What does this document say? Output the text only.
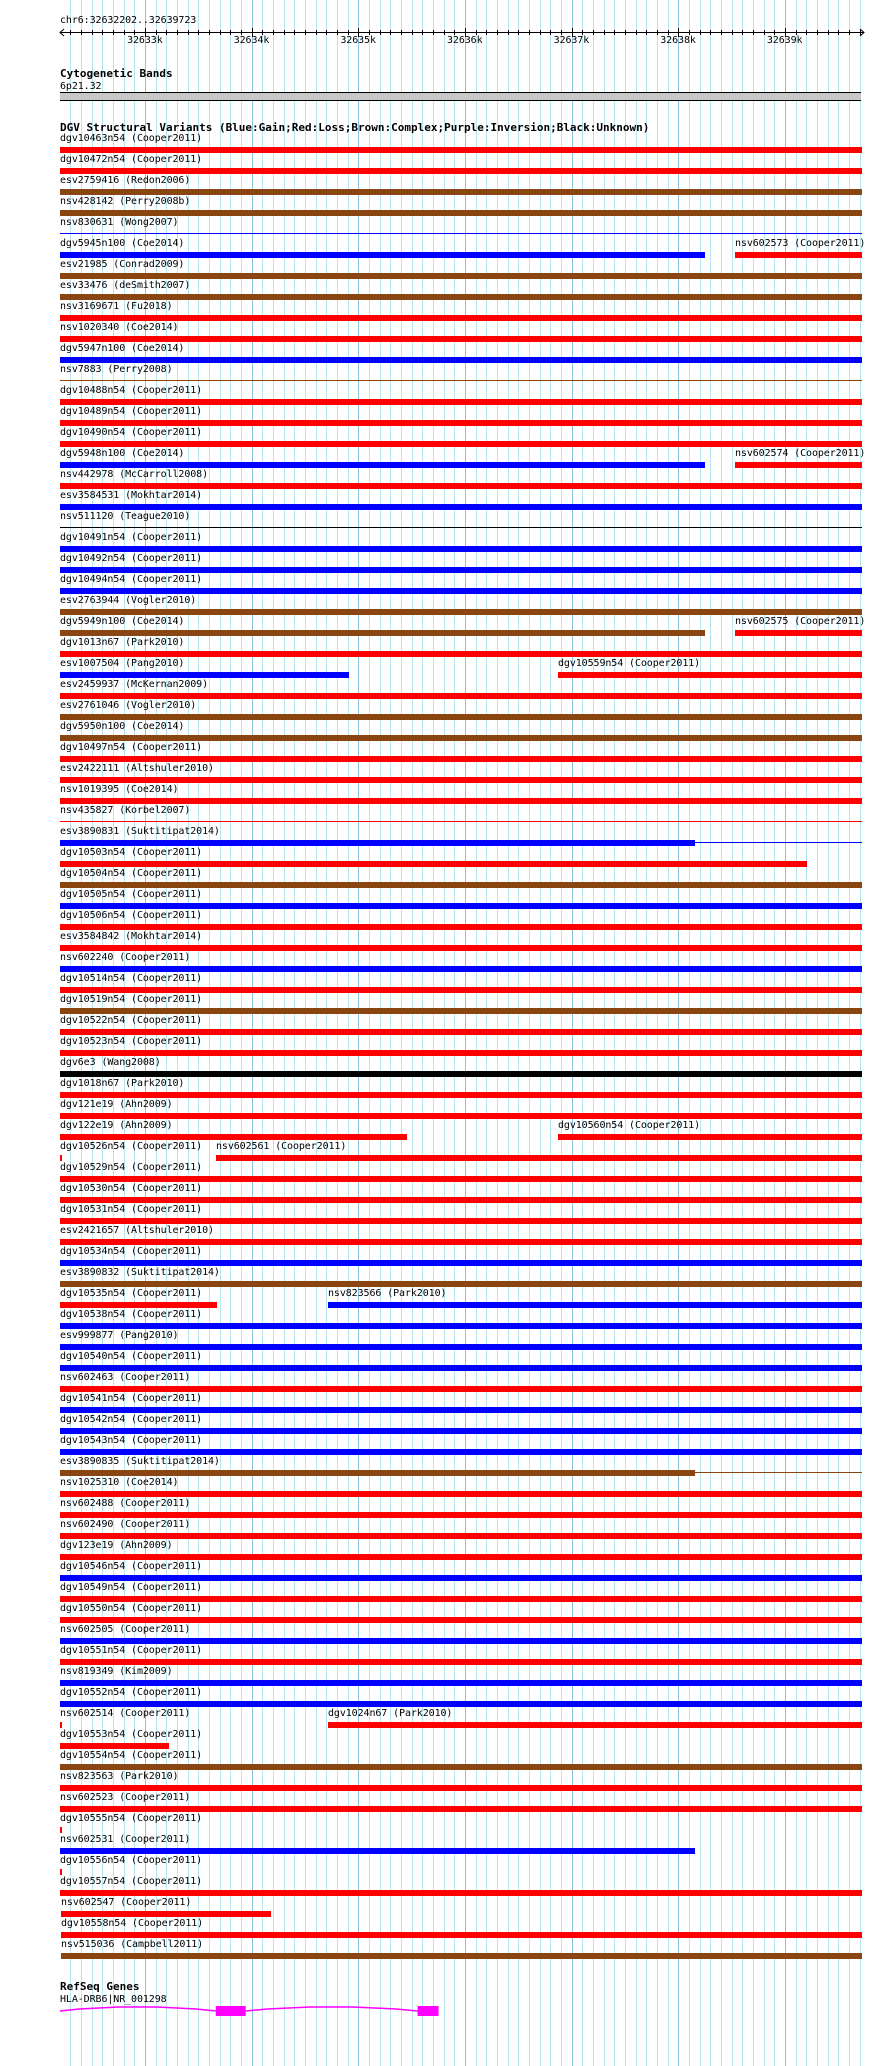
chr6:32632202..32639723
32633k	32634k	32635k	32636k	32637k	32638k	32639k
Cytogenetic Bands
6p21.32
DGV Structural Variants (Blue:Gain;Red:Loss;Brown:Complex;Purple:Inversion;Black:Unknown)
dgv10463n54 (Cooper2011)
dgv10472n54 (Cooper2011)
esv2759416 (Redon2006)
nsv428142 (Perry2008b)
nsv830631 (Wong2007)
dgv5945n100 (Coe2014)	nsv602573 (Cooper2011)
esv21985 (Conrad2009)
esv33476 (deSmith2007)
nsv3169671 (Fu2018)
nsv1020340 (Coe2014)
dgv5947n100 (Coe2014)
nsv7883 (Perry2008)
dgv10488n54 (Cooper2011)
dgv10489n54 (Cooper2011)
dgv10490n54 (Cooper2011)
dgv5948n100 (Coe2014)	nsv602574 (Cooper2011)
nsv442978 (McCarroll2008)
esv3584531 (Mokhtar2014)
nsv511120 (Teague2010)
dgv10491n54 (Cooper2011)
dgv10492n54 (Cooper2011)
dgv10494n54 (Cooper2011)
esv2763944 (Vogler2010)
dgv5949n100 (Coe2014)	nsv602575 (Cooper2011)
dgv1013n67 (Park2010)
esv1007504 (Pang2010)	dgv10559n54 (Cooper2011)
esv2459937 (McKernan2009)
esv2761046 (Vogler2010)
dgv5950n100 (Coe2014)
dgv10497n54 (Cooper2011)
esv2422111 (Altshuler2010)
nsv1019395 (Coe2014)
nsv435827 (Korbel2007)
esv3890831 (Suktitipat2014)
dgv10503n54 (Cooper2011)
dgv10504n54 (Cooper2011)
dgv10505n54 (Cooper2011)
dgv10506n54 (Cooper2011)
esv3584842 (Mokhtar2014)
nsv602240 (Cooper2011)
dgv10514n54 (Cooper2011)
dgv10519n54 (Cooper2011)
dgv10522n54 (Cooper2011)
dgv10523n54 (Cooper2011)
dgv6e3 (Wang2008)
dgv1018n67 (Park2010)
dgv121e19 (Ahn2009)
dgv122e19 (Ahn2009)	dgv10560n54 (Cooper2011)
dgv10526n54 (Cooper2011) nsv602561 (Cooper2011)
dgv10529n54 (Cooper2011)
dgv10530n54 (Cooper2011)
dgv10531n54 (Cooper2011)
esv2421657 (Altshuler2010)
dgv10534n54 (Cooper2011)
esv3890832 (Suktitipat2014)
dgv10535n54 (Cooper2011)	nsv823566 (Park2010)
dgv10538n54 (Cooper2011)
esv999877 (Pang2010)
dgv10540n54 (Cooper2011)
nsv602463 (Cooper2011)
dgv10541n54 (Cooper2011)
dgv10542n54 (Cooper2011)
dgv10543n54 (Cooper2011)
esv3890835 (Suktitipat2014)
nsv1025310 (Coe2014)
nsv602488 (Cooper2011)
nsv602490 (Cooper2011)
dgv123e19 (Ahn2009)
dgv10546n54 (Cooper2011)
dgv10549n54 (Cooper2011)
dgv10550n54 (Cooper2011)
nsv602505 (Cooper2011)
dgv10551n54 (Cooper2011)
nsv819349 (Kim2009)
dgv10552n54 (Cooper2011)
nsv602514 (Cooper2011)	dgv1024n67 (Park2010)
dgv10553n54 (Cooper2011)
dgv10554n54 (Cooper2011)
nsv823563 (Park2010)
nsv602523 (Cooper2011)
dgv10555n54 (Cooper2011)
nsv602531 (Cooper2011)
dgv10556n54 (Cooper2011)
dgv10557n54 (Cooper2011)
nsv602547 (Cooper2011)
dgv10558n54 (Cooper2011)
nsv515036 (Campbell2011)
RefSeq Genes
HLA-DRB6|NR_001298
